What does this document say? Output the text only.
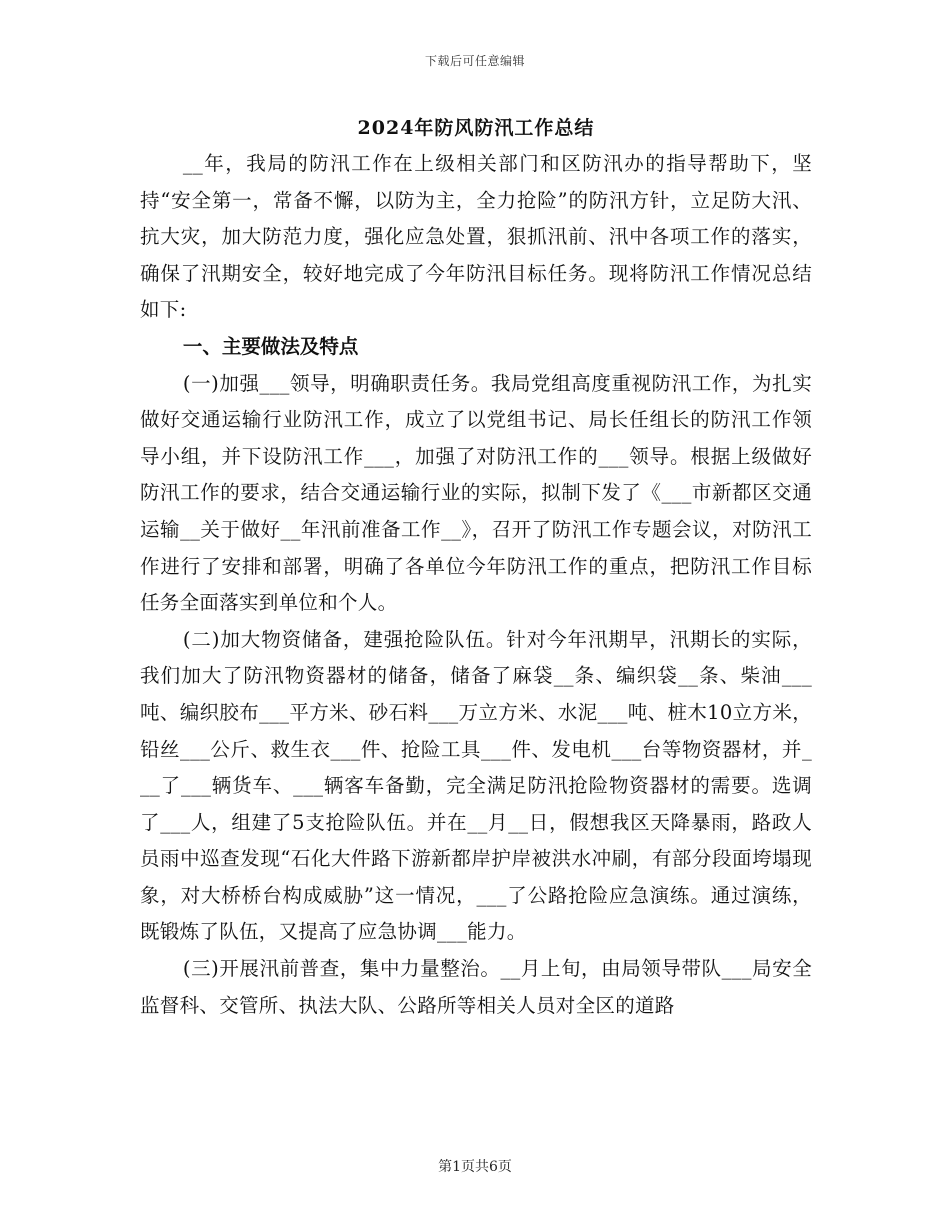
下载后可任意编辑
2024年防风防汛工作总结

__年，我局的防汛工作在上级相关部门和区防汛办的指导帮助下，坚持“安全第一，常备不懈，以防为主，全力抢险”的防汛方针，立足防大汛、抗大灾，加大防范力度，强化应急处置，狠抓汛前、汛中各项工作的落实，确保了汛期安全，较好地完成了今年防汛目标任务。现将防汛工作情况总结如下:

一、主要做法及特点

(一)加强___领导，明确职责任务。我局党组高度重视防汛工作，为扎实做好交通运输行业防汛工作，成立了以党组书记、局长任组长的防汛工作领导小组，并下设防汛工作___，加强了对防汛工作的___领导。根据上级做好防汛工作的要求，结合交通运输行业的实际，拟制下发了《___市新都区交通运输__关于做好__年汛前准备工作__》，召开了防汛工作专题会议，对防汛工作进行了安排和部署，明确了各单位今年防汛工作的重点，把防汛工作目标任务全面落实到单位和个人。

(二)加大物资储备，建强抢险队伍。针对今年汛期早，汛期长的实际，我们加大了防汛物资器材的储备，储备了麻袋__条、编织袋__条、柴油___吨、编织胶布___平方米、砂石料___万立方米、水泥___吨、桩木10立方米，铅丝___公斤、救生衣___件、抢险工具___件、发电机___台等物资器材，并___了___辆货车、___辆客车备勤，完全满足防汛抢险物资器材的需要。选调了___人，组建了5支抢险队伍。并在__月__日，假想我区天降暴雨，路政人员雨中巡查发现“石化大件路下游新都岸护岸被洪水冲刷，有部分段面垮塌现象，对大桥桥台构成威胁”这一情况，___了公路抢险应急演练。通过演练，既锻炼了队伍，又提高了应急协调___能力。

(三)开展汛前普查，集中力量整治。__月上旬，由局领导带队___局安全监督科、交管所、执法大队、公路所等相关人员对全区的道路

第1页共6页
